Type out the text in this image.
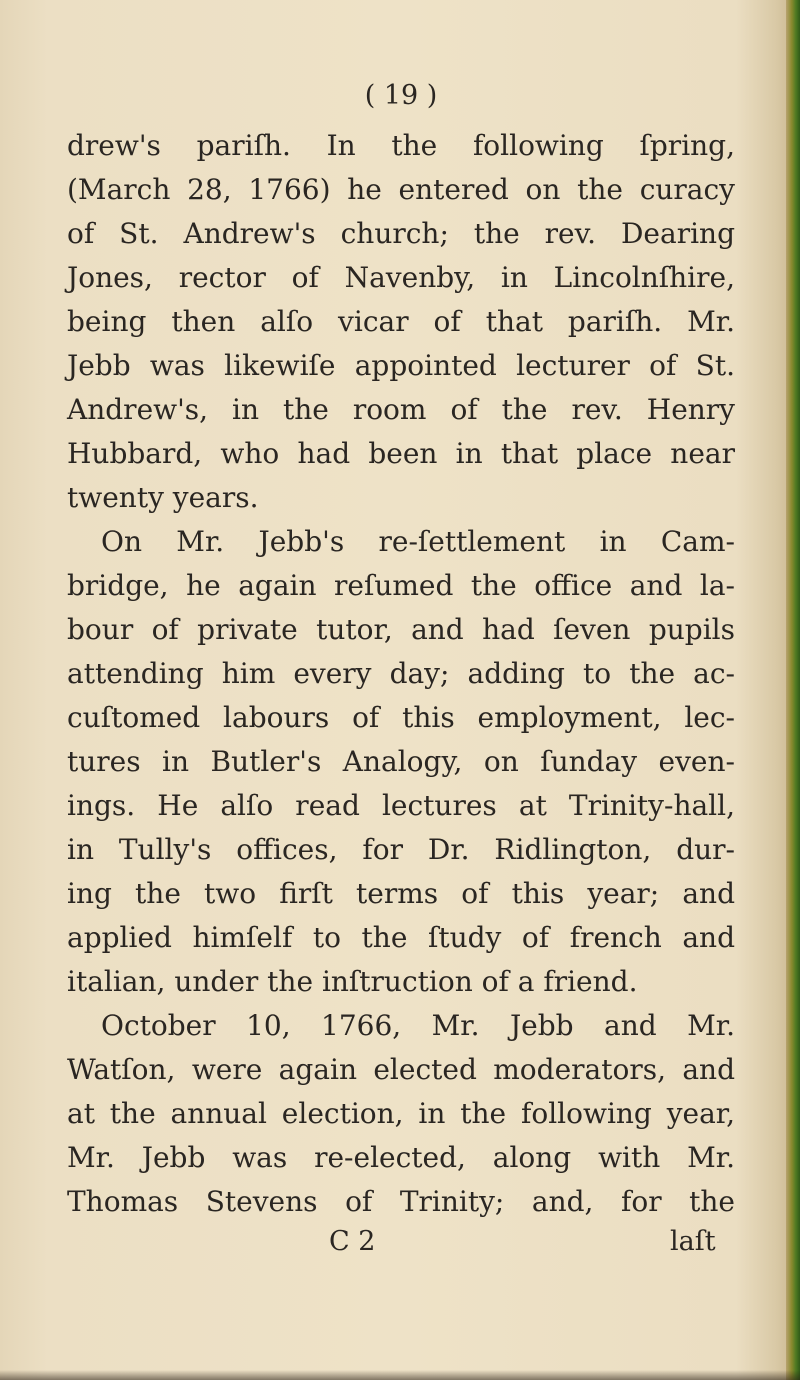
( 19 )
drew's pariſh. In the following ſpring,
(March 28, 1766) he entered on the curacy
of St. Andrew's church; the rev. Dearing
Jones, rector of Navenby, in Lincolnſhire,
being then alſo vicar of that pariſh. Mr.
Jebb was likewiſe appointed lecturer of St.
Andrew's, in the room of the rev. Henry
Hubbard, who had been in that place near
twenty years.
On Mr. Jebb's re-ſettlement in Cam-
bridge, he again reſumed the office and la-
bour of private tutor, and had ſeven pupils
attending him every day; adding to the ac-
cuſtomed labours of this employment, lec-
tures in Butler's Analogy, on ſunday even-
ings. He alſo read lectures at Trinity-hall,
in Tully's offices, for Dr. Ridlington, dur-
ing the two firſt terms of this year; and
applied himſelf to the ſtudy of french and
italian, under the inſtruction of a friend.
October 10, 1766, Mr. Jebb and Mr.
Watſon, were again elected moderators, and
at the annual election, in the following year,
Mr. Jebb was re-elected, along with Mr.
Thomas Stevens of Trinity; and, for the
C 2	laſt
